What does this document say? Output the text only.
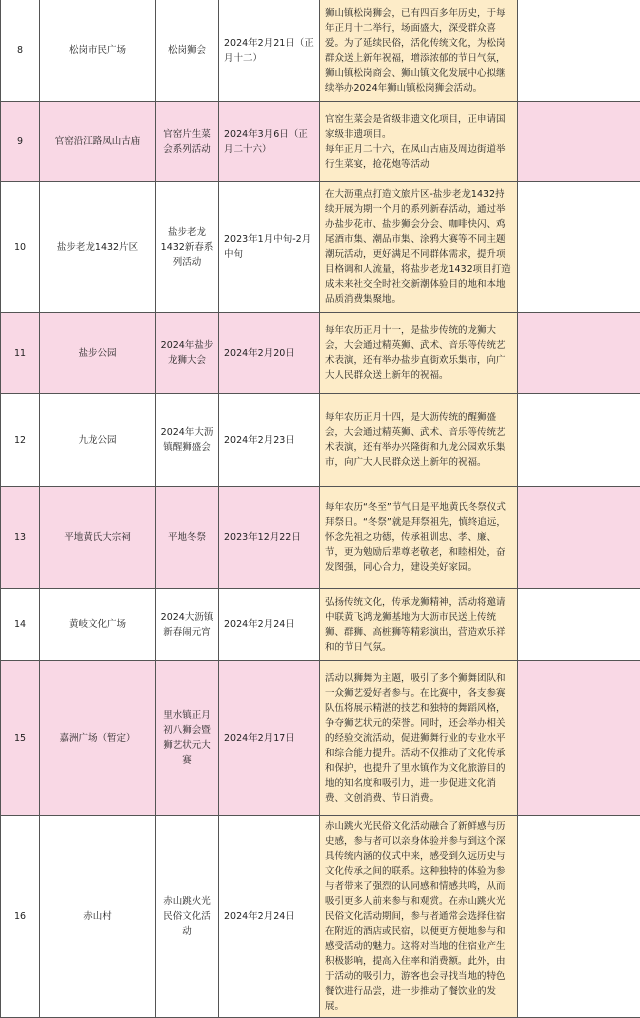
8	松岗市民广场	松岗狮会	2024年2月21日（正月十二）	狮山镇松岗狮会，已有四百多年历史，于每年正月十二举行，场面盛大，深受群众喜爱。为了延续民俗，活化传统文化，为松岗群众送上新年祝福，增添浓郁的节日气氛，狮山镇松岗商会、狮山镇文化发展中心拟继续举办2024年狮山镇松岗狮会活动。	
9	官窑沿江路凤山古庙	官窑片生菜会系列活动	2024年3月6日（正月二十六）	官窑生菜会是省级非遗文化项目，正申请国家级非遗项目。
每年正月二十六，在凤山古庙及周边街道举行生菜宴，抢花炮等活动	
10	盐步老龙1432片区	盐步老龙1432新春系列活动	2023年1月中旬-2月中旬	在大沥重点打造文旅片区-盐步老龙1432持续开展为期一个月的系列新春活动，通过举办盐步花市、盐步狮会分会、咖啡快闪、鸡尾酒市集、潮品市集、涂鸦大赛等不同主题潮玩活动，更好满足不同群体需求，提升项目格调和人流量，将盐步老龙1432项目打造成未来社交全时社交新潮体验目的地和本地品质消费集聚地。	
11	盐步公园	2024年盐步龙狮大会	2024年2月20日	每年农历正月十一，是盐步传统的龙狮大会，大会通过精英狮、武术、音乐等传统艺术表演，还有举办盐步直街欢乐集市，向广大人民群众送上新年的祝福。	
12	九龙公园	2024年大沥镇醒狮盛会	2024年2月23日	每年农历正月十四，是大沥传统的醒狮盛会，大会通过精英狮、武术、音乐等传统艺术表演，还有举办兴隆街和九龙公园欢乐集市，向广大人民群众送上新年的祝福。	
13	平地黄氏大宗祠	平地冬祭	2023年12月22日	每年农历“冬至”节气日是平地黄氏冬祭仪式拜祭日。“冬祭”就是拜祭祖先，慎终追远，怀念先祖之功德，传承祖训忠、孝、廉、节，更为勉励后辈尊老敬老，和睦相处，奋发图强，同心合力，建设美好家园。	
14	黄岐文化广场	2024大沥镇新春闹元宵	2024年2月24日	弘扬传统文化，传承龙狮精神，活动将邀请中联黄飞鸿龙狮基地为大沥市民送上传统狮、群狮、高桩狮等精彩演出，营造欢乐祥和的节日气氛。	
15	嘉洲广场（暂定）	里水镇正月初八狮会暨狮艺状元大赛	2024年2月17日	活动以狮舞为主题，吸引了多个狮舞团队和一众狮艺爱好者参与。在比赛中，各支参赛队伍将展示精湛的技艺和独特的舞蹈风格，争夺狮艺状元的荣誉。同时，还会举办相关的经验交流活动，促进狮舞行业的专业水平和综合能力提升。活动不仅推动了文化传承和保护，也提升了里水镇作为文化旅游目的地的知名度和吸引力，进一步促进文化消费、文创消费、节日消费。	
16	赤山村	赤山跳火光民俗文化活动	2024年2月24日	赤山跳火光民俗文化活动融合了新鲜感与历史感，参与者可以亲身体验并参与到这个深具传统内涵的仪式中来，感受到久远历史与文化传承之间的联系。这种独特的体验为参与者带来了强烈的认同感和情感共鸣，从而吸引更多人前来参与和观赏。在赤山跳火光民俗文化活动期间，参与者通常会选择住宿在附近的酒店或民宿，以便更方便地参与和感受活动的魅力。这将对当地的住宿业产生积极影响，提高入住率和消费额。此外，由于活动的吸引力，游客也会寻找当地的特色餐饮进行品尝，进一步推动了餐饮业的发展。	
